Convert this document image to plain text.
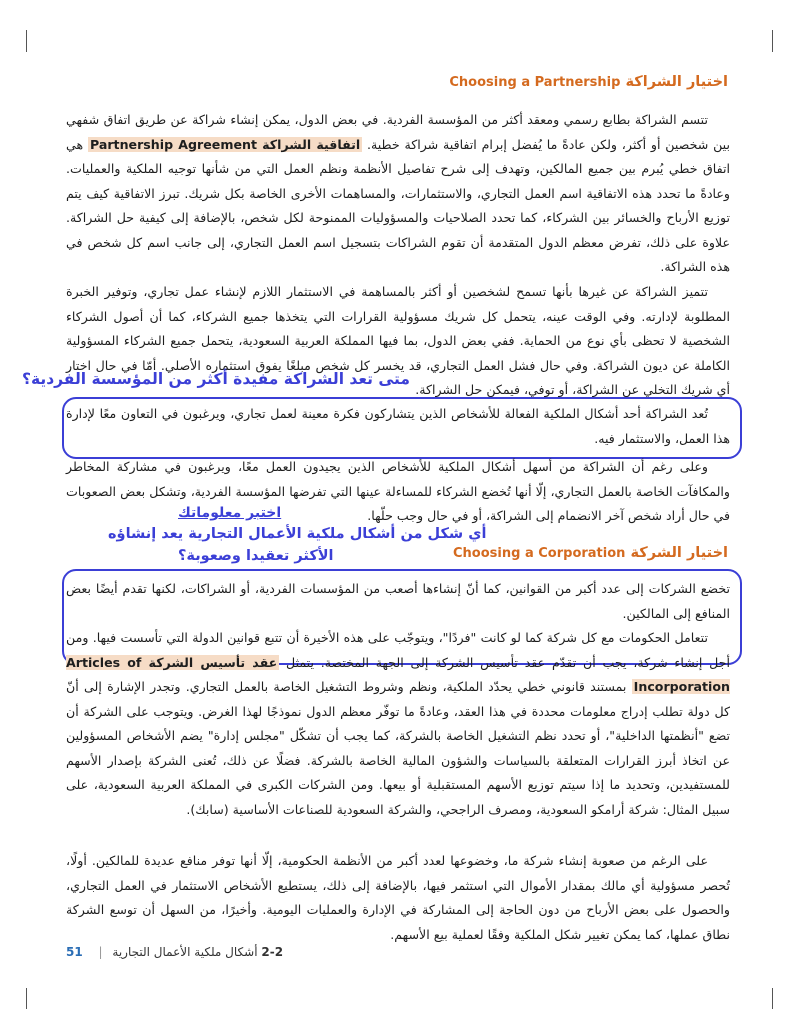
اختيار الشراكة Choosing a Partnership
تتسم الشراكة بطابع رسمي ومعقد أكثر من المؤسسة الفردية. في بعض الدول، يمكن إنشاء شراكة عن طريق اتفاق شفهي بين شخصين أو أكثر، ولكن عادةً ما يُفضل إبرام اتفاقية شراكة خطية. اتفاقية الشراكة Partnership Agreement هي اتفاق خطي يُبرم بين جميع المالكين، وتهدف إلى شرح تفاصيل الأنظمة ونظم العمل التي من شأنها توجيه الملكية والعمليات. وعادةً ما تحدد هذه الاتفاقية اسم العمل التجاري، والاستثمارات، والمساهمات الأخرى الخاصة بكل شريك. تبرز الاتفاقية كيف يتم توزيع الأرباح والخسائر بين الشركاء، كما تحدد الصلاحيات والمسؤوليات الممنوحة لكل شخص، بالإضافة إلى كيفية حل الشراكة. علاوة على ذلك، تفرض معظم الدول المتقدمة أن تقوم الشراكات بتسجيل اسم العمل التجاري، إلى جانب اسم كل شخص في هذه الشراكة.
تتميز الشراكة عن غيرها بأنها تسمح لشخصين أو أكثر بالمساهمة في الاستثمار اللازم لإنشاء عمل تجاري، وتوفير الخبرة المطلوبة لإدارته. وفي الوقت عينه، يتحمل كل شريك مسؤولية القرارات التي يتخذها جميع الشركاء، كما أن أصول الشركاء الشخصية لا تحظى بأي نوع من الحماية. ففي بعض الدول، بما فيها المملكة العربية السعودية، يتحمل جميع الشركاء المسؤولية الكاملة عن ديون الشراكة. وفي حال فشل العمل التجاري، قد يخسر كل شخص مبلغًا يفوق استثماره الأصلي. أمّا في حال اختار أي شريك التخلي عن الشراكة، أو توفي، فيمكن حل الشراكة.
متى تعد الشراكة مفيدة أكثر من المؤسسة الفردية؟
تُعد الشراكة أحد أشكال الملكية الفعالة للأشخاص الذين يتشاركون فكرة معينة لعمل تجاري، ويرغبون في التعاون معًا لإدارة هذا العمل، والاستثمار فيه.
وعلى رغم أن الشراكة من أسهل أشكال الملكية للأشخاص الذين يجيدون العمل معًا، ويرغبون في مشاركة المخاطر والمكافآت الخاصة بالعمل التجاري، إلّا أنها تُخضع الشركاء للمساءلة عينها التي تفرضها المؤسسة الفردية، وتشكل بعض الصعوبات في حال أراد شخص آخر الانضمام إلى الشراكة، أو في حال وجب حلّها.
اختبر معلوماتك
أي شكل من أشكال ملكية الأعمال التجارية يعد إنشاؤه
الأكثر تعقيدا وصعوبة؟	اختيار الشركة Choosing a Corporation
تخضع الشركات إلى عدد أكبر من القوانين، كما أنّ إنشاءها أصعب من المؤسسات الفردية، أو الشراكات، لكنها تقدم أيضًا بعض المنافع إلى المالكين.
تتعامل الحكومات مع كل شركة كما لو كانت "فردًا"، ويتوجّب على هذه الأخيرة أن تتبع قوانين الدولة التي تأسست فيها. ومن أجل إنشاء شركة، يجب أن تقدّم عقد تأسيس الشركة إلى الجهة المختصة. يتمثل عقد تأسيس الشركة Articles of Incorporation بمستند قانوني خطي يحدّد الملكية، ونظم وشروط التشغيل الخاصة بالعمل التجاري. وتجدر الإشارة إلى أنّ كل دولة تطلب إدراج معلومات محددة في هذا العقد، وعادةً ما توفّر معظم الدول نموذجًا لهذا الغرض. ويتوجب على الشركة أن تضع "أنظمتها الداخلية"، أو تحدد نظم التشغيل الخاصة بالشركة، كما يجب أن تشكّل "مجلس إدارة" يضم الأشخاص المسؤولين عن اتخاذ أبرز القرارات المتعلقة بالسياسات والشؤون المالية الخاصة بالشركة. فضلًا عن ذلك، تُعنى الشركة بإصدار الأسهم للمستفيدين، وتحديد ما إذا سيتم توزيع الأسهم المستقبلية أو بيعها. ومن الشركات الكبرى في المملكة العربية السعودية، على سبيل المثال: شركة أرامكو السعودية، ومصرف الراجحي، والشركة السعودية للصناعات الأساسية (سابك).
على الرغم من صعوبة إنشاء شركة ما، وخضوعها لعدد أكبر من الأنظمة الحكومية، إلّا أنها توفر منافع عديدة للمالكين. أولًا، تُحصر مسؤولية أي مالك بمقدار الأموال التي استثمر فيها، بالإضافة إلى ذلك، يستطيع الأشخاص الاستثمار في العمل التجاري، والحصول على بعض الأرباح من دون الحاجة إلى المشاركة في الإدارة والعمليات اليومية. وأخيرًا، من السهل أن توسع الشركة نطاق عملها، كما يمكن تغيير شكل الملكية وفقًا لعملية بيع الأسهم.
2-2 أشكال ملكية الأعمال التجارية | 51
